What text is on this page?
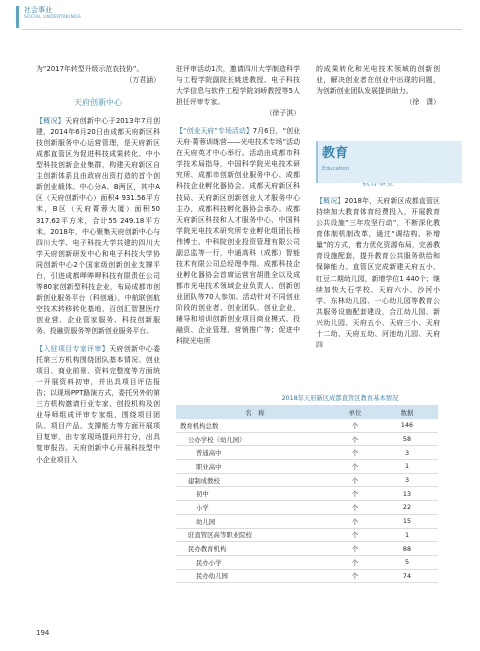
社会事业
SOCIAL UNDERTAKINGS

为“2017年转型升级示范农技协”。

（万君涵）

天府创新中心

【概况】天府创新中心于2013年7月创建，2014年6月20日由成都天府新区科技创新服务中心运营管理，是天府新区成都直管区为促进科技成果转化、中小型科技创新企业集群，构建天府新区自主创新体系且由政府出资打造的首个创新创业载体。中心分A、B两区，其中A区（天府创新中心）面积4 931.56平方米，B区（天府菁蓉大厦）面积50 317.62平方米，合计55 249.18平方米。2018年，中心聚集天府创新中心与四川大学、电子科技大学共建的四川大学天府创新研发中心和电子科技大学协同创新中心2个国家级创新创业支撑平台，引进成都呷哔呷科技有限责任公司等80家创新型科技企业，布局成都市创新创业服务平台（科创通），中航联创航空技术转移转化基地、百创汇智慧医疗创业营、企业管家服务、科技创新服务、投融资服务等创新创业服务平台。

【入驻项目专家评审】天府创新中心委托第三方机构围绕团队基本情况、创业项目、商业前景、资料完整度等方面统一开展资料初审，并出具项目评估报告；以现场PPT路演方式，委托另外的第三方机构邀请行业专家、创投机构及创业导师组成评审专家组，围绕项目团队、项目产品、支撑能力等方面开展项目复审，由专家现场提问并打分，出具复审报告。天府创新中心开展科技型中小企业项目入

驻评审活动1次，邀请四川大学制造科学与工程学院副院长姚进教授、电子科技大学信息与软件工程学院刘峤教授等5人担任评审专家。

（徐子淇）

【“创业天府”专场活动】7月6日，“创业天府·菁蓉训练营——光电技术专场”活动在天府英才中心举行。活动由成都市科学技术局指导，中国科学院光电技术研究所、成都市创新创业服务中心、成都科技企业孵化器协会、成都天府新区科技局、天府新区创新创业人才服务中心主办，成都科技孵化器协会承办。成都天府新区科技和人才服务中心、中国科学院光电技术研究所专业孵化组团长杨伟博士、中科院创业投资管理有限公司副总监等一行，中通高科（成都）智能技术有限公司总经理李翔、成都科技企业孵化器协会首席运营官胡胜全以及成都市光电技术领域企业负责人、创新创业团队等70人参加。活动针对不同创业阶段的创业者、创业团队、创业企业，辅导和培训创新创业项目商业模式、投融资、企业管理、营销推广等；促进中科院光电所

的成果转化和光电技术领域的创新创业，解决创业者在创业中出现的问题，为创新创业团队发展提供助力。

（徐　潇）

【概况】2018年，天府新区成都直管区持续加大教育体育经费投入，开展教育公共设施“三年攻坚行动”，不断深化教育体制机制改革，通过“调结构、补增量”的方式，着力优化资源布局，完善教育设施配套，提升教育公共服务供给和保障能力。直管区完成新建天府五小、红豆二期幼儿园，新增学位1 440个；继续加快大石学校、天府六小、沙河小学、东林幼儿园、一心幼儿园等教育公共服务设施配套建设，合江幼儿园、新兴幼儿园、天府五小、天府三小、天府十二幼、天府五幼、河池幼儿园、天府四

教育
Education
2018年天府新区成都直管区教育基本情况
名　称	单位	数据
教育机构总数	个	146
公办学校（幼儿园）	个	58
普通高中	个	3
职业高中	个	1
建制成教校	个	3
初中	个	13
小学	个	22
幼儿园	个	15
驻直管区高等职业院校	个	1
民办教育机构	个	88
民办小学	个	5
民办幼儿园	个	74
194
